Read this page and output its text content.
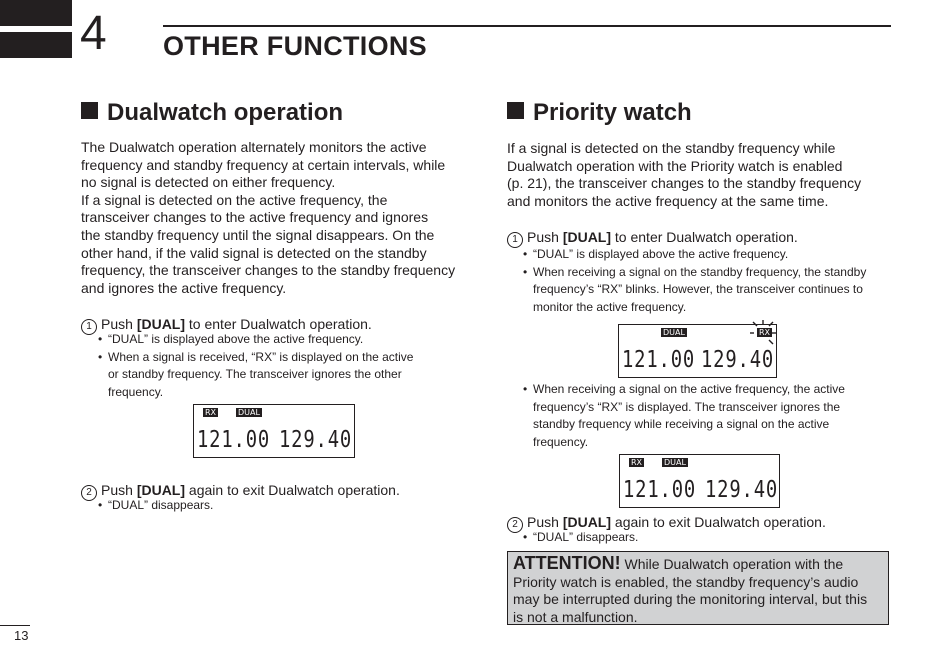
4 OTHER FUNCTIONS
Dualwatch operation

The Dualwatch operation alternately monitors the active

frequency and standby frequency at certain intervals, while

no signal is detected on either frequency.

If a signal is detected on the active frequency, the

transceiver changes to the active frequency and ignores

the standby frequency until the signal disappears. On the

other hand, if the valid signal is detected on the standby

frequency, the transceiver changes to the standby frequency

and ignores the active frequency.

1 Push [DUAL] to enter Dualwatch operation.
• “DUAL” is displayed above the active frequency.
• When a signal is received, “RX” is displayed on the active
or standby frequency. The transceiver ignores the other
frequency.
RX	DUAL
121.00 129.40
2 Push [DUAL] again to exit Dualwatch operation.
• “DUAL” disappears.
Priority watch

If a signal is detected on the standby frequency while

Dualwatch operation with the Priority watch is enabled

(p. 21), the transceiver changes to the standby frequency

and monitors the active frequency at the same time.

1 Push [DUAL] to enter Dualwatch operation.
• “DUAL” is displayed above the active frequency.
• When receiving a signal on the standby frequency, the standby
frequency’s “RX” blinks. However, the transceiver continues to
monitor the active frequency.
DUAL	RX
121.00 129.40
• When receiving a signal on the active frequency, the active
frequency’s “RX” is displayed. The transceiver ignores the
standby frequency while receiving a signal on the active
frequency.
RX	DUAL
121.00 129.40
2 Push [DUAL] again to exit Dualwatch operation.
• “DUAL” disappears.
ATTENTION! While Dualwatch operation with the
Priority watch is enabled, the standby frequency’s audio
may be interrupted during the monitoring interval, but this
is not a malfunction.
13
